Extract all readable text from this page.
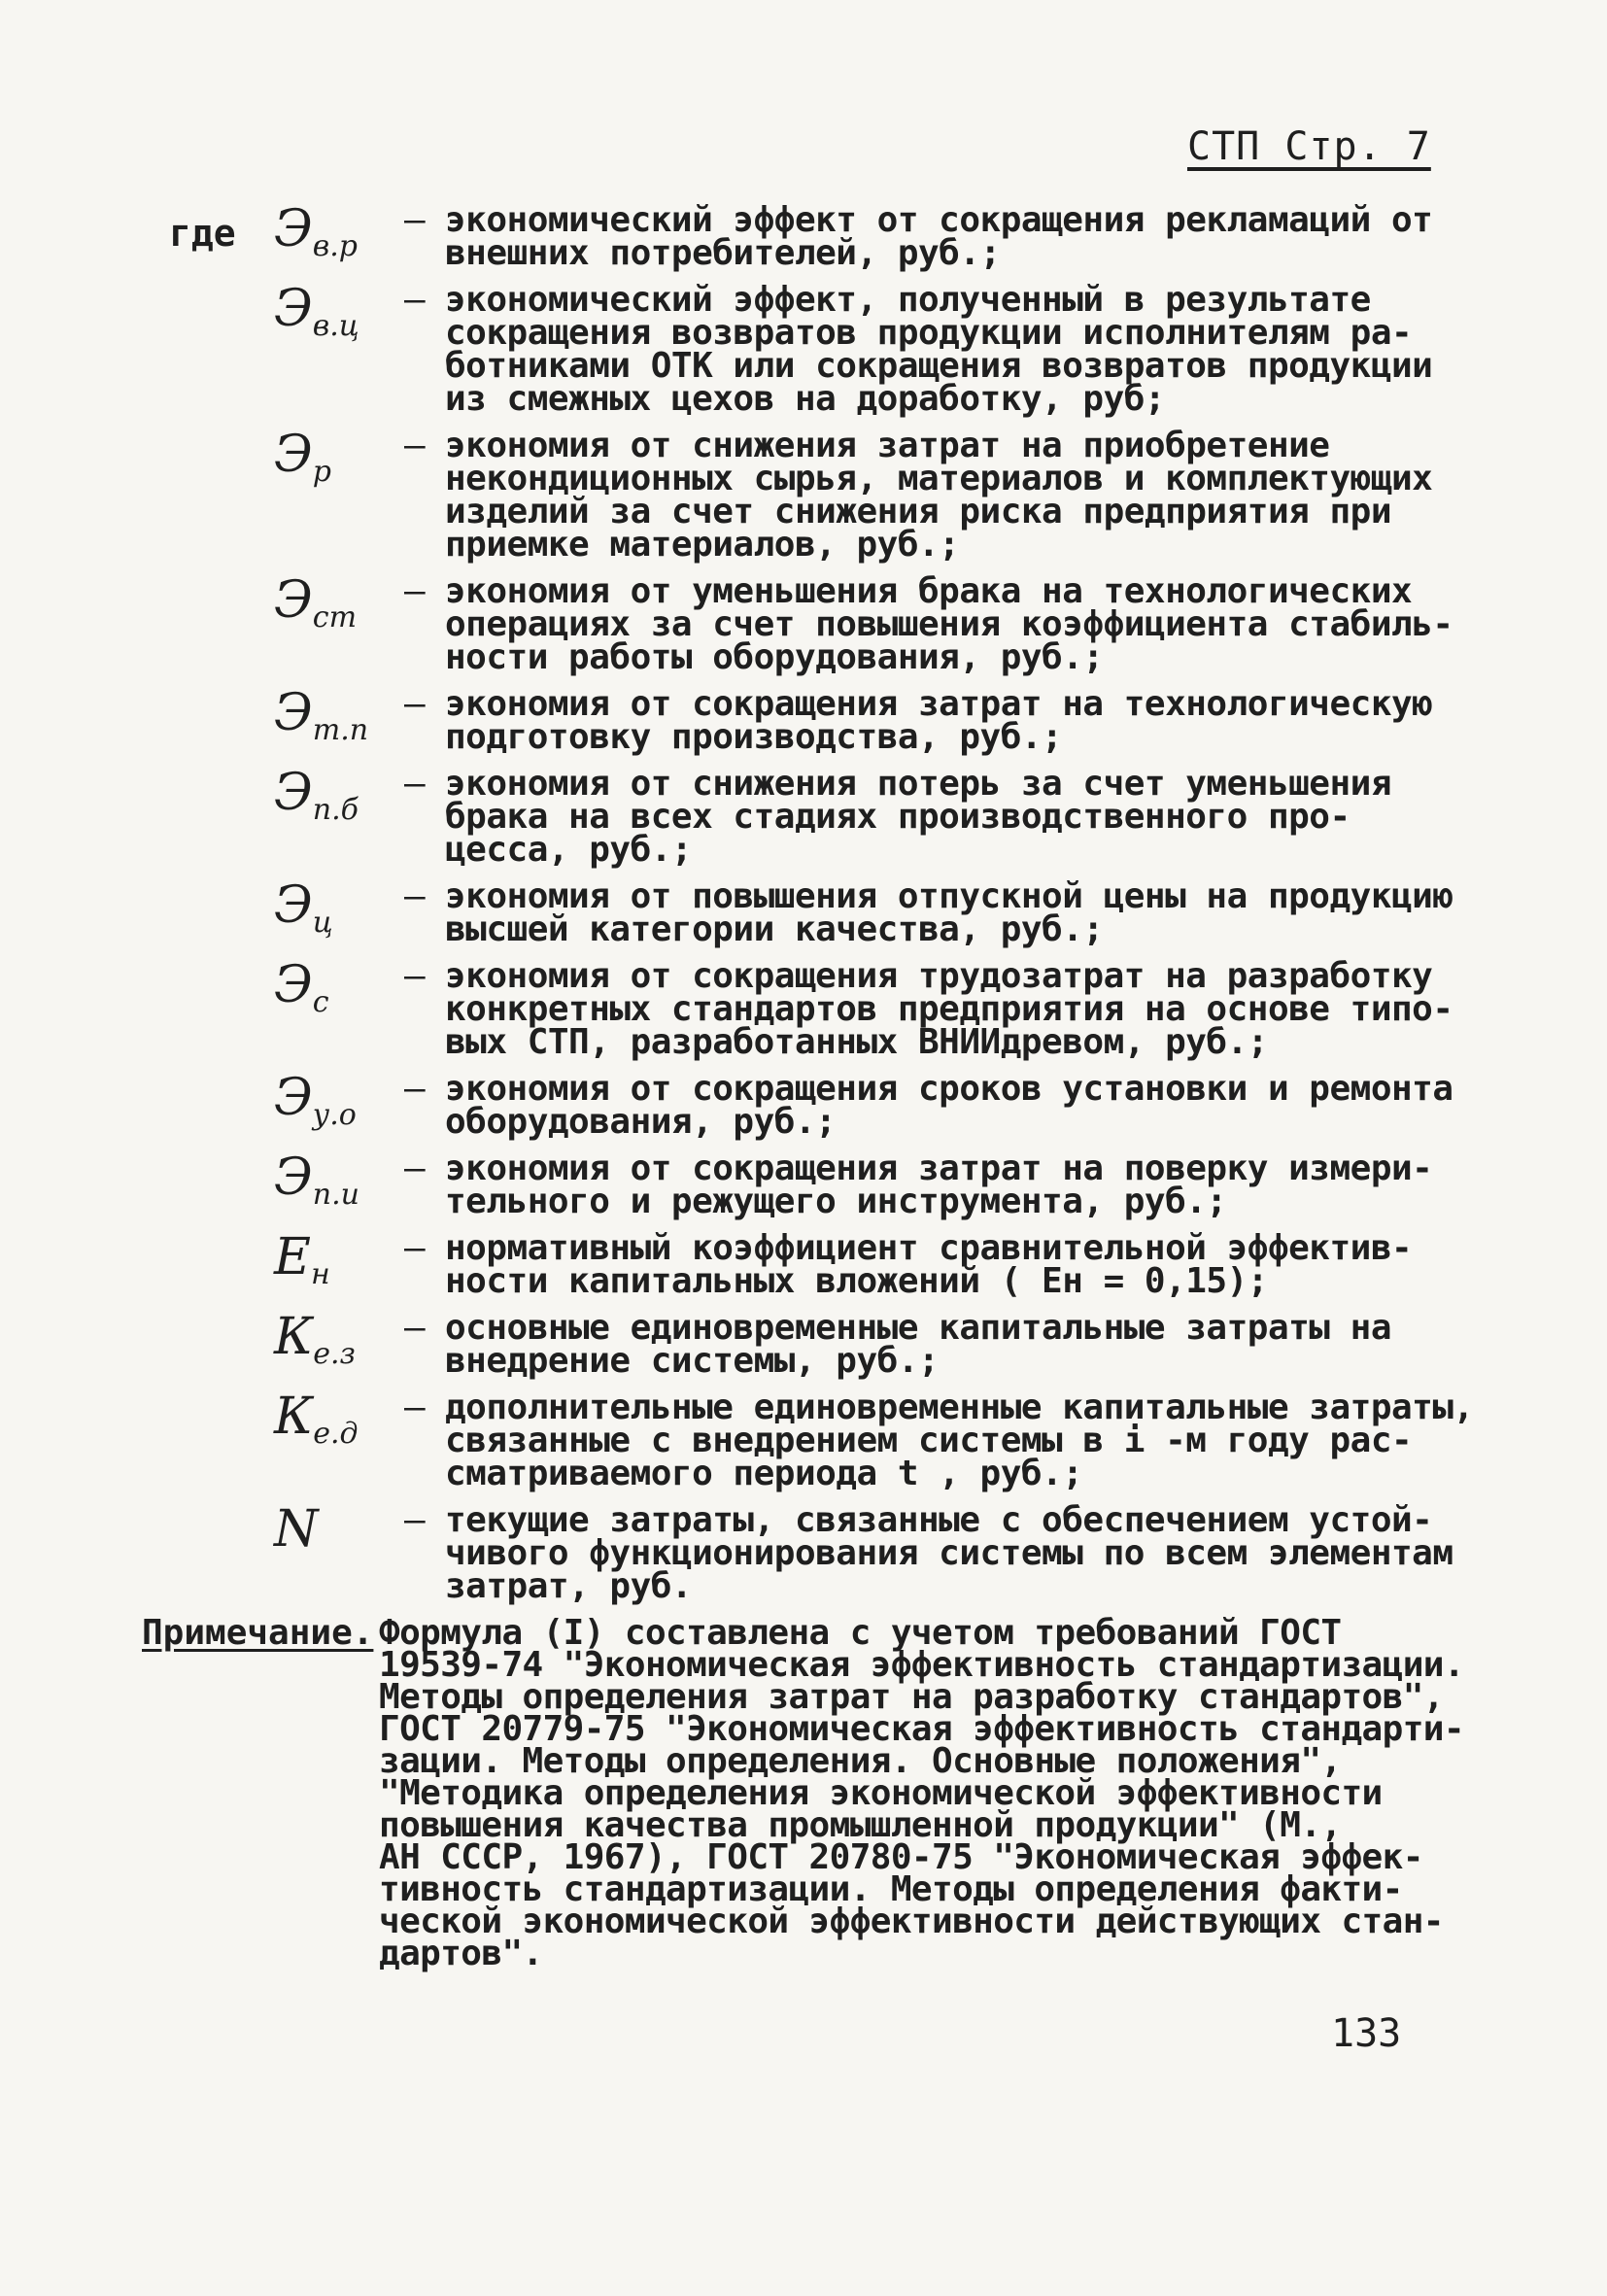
СТП Стр. 7
где $Э_{в.р}$
– экономический эффект от сокращения рекламаций от
внешних потребителей, руб.;
$Э_{в.ц}$
– экономический эффект, полученный в результате
сокращения возвратов продукции исполнителям ра-
ботниками ОТК или сокращения возвратов продукции
из смежных цехов на доработку, руб;
$Э_р$
– экономия от снижения затрат на приобретение
некондиционных сырья, материалов и комплектующих
изделий за счет снижения риска предприятия при
приемке материалов, руб.;
$Э_{ст}$
– экономия от уменьшения брака на технологических
операциях за счет повышения коэффициента стабиль-
ности работы оборудования, руб.;
$Э_{т.п}$
– экономия от сокращения затрат на технологическую
подготовку производства, руб.;
$Э_{п.б}$
– экономия от снижения потерь за счет уменьшения
брака на всех стадиях производственного про-
цесса, руб.;
$Э_ц$
– экономия от повышения отпускной цены на продукцию
высшей категории качества, руб.;
$Э_с$
– экономия от сокращения трудозатрат на разработку
конкретных стандартов предприятия на основе типо-
вых СТП, разработанных ВНИИдревом, руб.;
$Э_{у.о}$
– экономия от сокращения сроков установки и ремонта
оборудования, руб.;
$Э_{п.и}$
– экономия от сокращения затрат на поверку измери-
тельного и режущего инструмента, руб.;
$Е_н$
– нормативный коэффициент сравнительной эффектив-
ности капитальных вложений ( Eн = 0,15);
$К_{е.з}$
– основные единовременные капитальные затраты на
внедрение системы, руб.;
$К_{е.д}$
– дополнительные единовременные капитальные затраты,
связанные с внедрением системы в i -м году рас-
сматриваемого периода t , руб.;
N	– текущие затраты, связанные с обеспечением устой-
чивого функционирования системы по всем элементам
затрат, руб.
Примечание. Формула (I) составлена с учетом требований ГОСТ
19539-74 "Экономическая эффективность стандартизации.
Методы определения затрат на разработку стандартов",
ГОСТ 20779-75 "Экономическая эффективность стандарти-
зации. Методы определения. Основные положения",
"Методика определения экономической эффективности
повышения качества промышленной продукции" (М.,
АН СССР, 1967), ГОСТ 20780-75 "Экономическая эффек-
тивность стандартизации. Методы определения факти-
ческой экономической эффективности действующих стан-
дартов".
133
